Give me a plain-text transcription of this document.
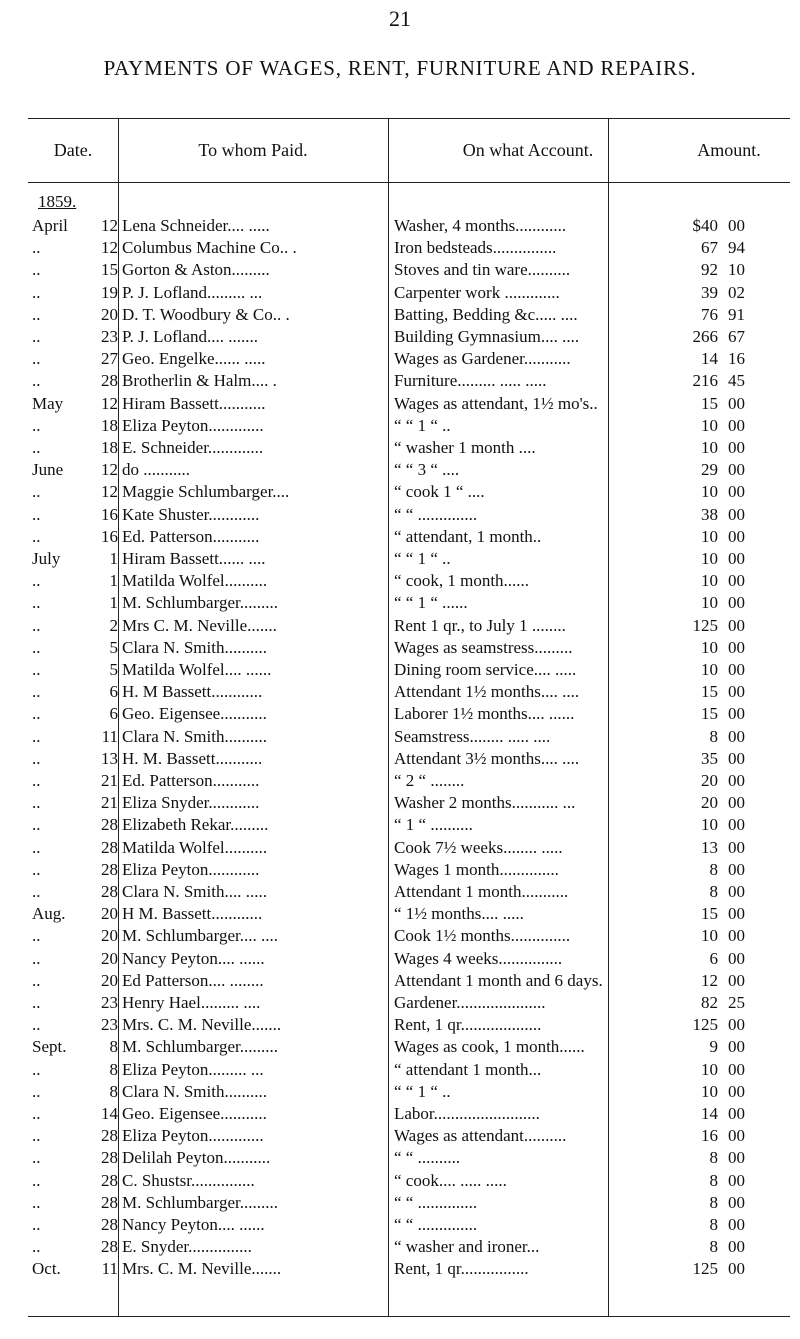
21
PAYMENTS OF WAGES, RENT, FURNITURE AND REPAIRS.
Date.	To whom Paid.	On what Account.	Amount.
1859.
April	12 Lena Schneider.... .....	Washer, 4 months............	$40 00
..	12 Columbus Machine Co.. .	Iron bedsteads...............	67 94
..	15 Gorton & Aston.........	Stoves and tin ware..........	92 10
..	19 P. J. Lofland......... ...	Carpenter work .............	39 02
..	20 D. T. Woodbury & Co.. .	Batting, Bedding &c..... ....	76 91
..	23 P. J. Lofland.... .......	Building Gymnasium.... ....	266 67
..	27 Geo. Engelke...... .....	Wages as Gardener...........	14 16
..	28 Brotherlin & Halm.... .	Furniture......... ..... .....	216 45
May	12 Hiram Bassett...........	Wages as attendant, 1½ mo's..	15 00
..	18 Eliza Peyton.............	“ “ 1 “ ..	10 00
..	18 E. Schneider.............	“ washer 1 month ....	10 00
June	12 do ...........	“ “ 3 “ ....	29 00
..	12 Maggie Schlumbarger....	“ cook 1 “ ....	10 00
..	16 Kate Shuster............	“ “ ..............	38 00
..	16 Ed. Patterson...........	“ attendant, 1 month..	10 00
July	1 Hiram Bassett...... ....	“ “ 1 “ ..	10 00
..	1 Matilda Wolfel..........	“ cook, 1 month......	10 00
..	1 M. Schlumbarger.........	“ “ 1 “ ......	10 00
..	2 Mrs C. M. Neville.......	Rent 1 qr., to July 1 ........	125 00
..	5 Clara N. Smith..........	Wages as seamstress.........	10 00
..	5 Matilda Wolfel.... ......	Dining room service.... .....	10 00
..	6 H. M Bassett............	Attendant 1½ months.... ....	15 00
..	6 Geo. Eigensee...........	Laborer 1½ months.... ......	15 00
..	11 Clara N. Smith..........	Seamstress........ ..... ....	8 00
..	13 H. M. Bassett...........	Attendant 3½ months.... ....	35 00
..	21 Ed. Patterson...........	“ 2 “ ........	20 00
..	21 Eliza Snyder............	Washer 2 months........... ...	20 00
..	28 Elizabeth Rekar.........	“ 1 “ ..........	10 00
..	28 Matilda Wolfel..........	Cook 7½ weeks........ .....	13 00
..	28 Eliza Peyton............	Wages 1 month..............	8 00
..	28 Clara N. Smith.... .....	Attendant 1 month...........	8 00
Aug.	20 H M. Bassett............	“ 1½ months.... .....	15 00
..	20 M. Schlumbarger.... ....	Cook 1½ months..............	10 00
..	20 Nancy Peyton.... ......	Wages 4 weeks...............	6 00
..	20 Ed Patterson.... ........	Attendant 1 month and 6 days.	12 00
..	23 Henry Hael......... ....	Gardener.....................	82 25
..	23 Mrs. C. M. Neville.......	Rent, 1 qr...................	125 00
Sept.	8 M. Schlumbarger.........	Wages as cook, 1 month......	9 00
..	8 Eliza Peyton......... ...	“ attendant 1 month...	10 00
..	8 Clara N. Smith..........	“ “ 1 “ ..	10 00
..	14 Geo. Eigensee...........	Labor.........................	14 00
..	28 Eliza Peyton.............	Wages as attendant..........	16 00
..	28 Delilah Peyton...........	“ “ ..........	8 00
..	28 C. Shustsr...............	“ cook.... ..... .....	8 00
..	28 M. Schlumbarger.........	“ “ ..............	8 00
..	28 Nancy Peyton.... ......	“ “ ..............	8 00
..	28 E. Snyder...............	“ washer and ironer...	8 00
Oct.	11 Mrs. C. M. Neville.......	Rent, 1 qr................	125 00
